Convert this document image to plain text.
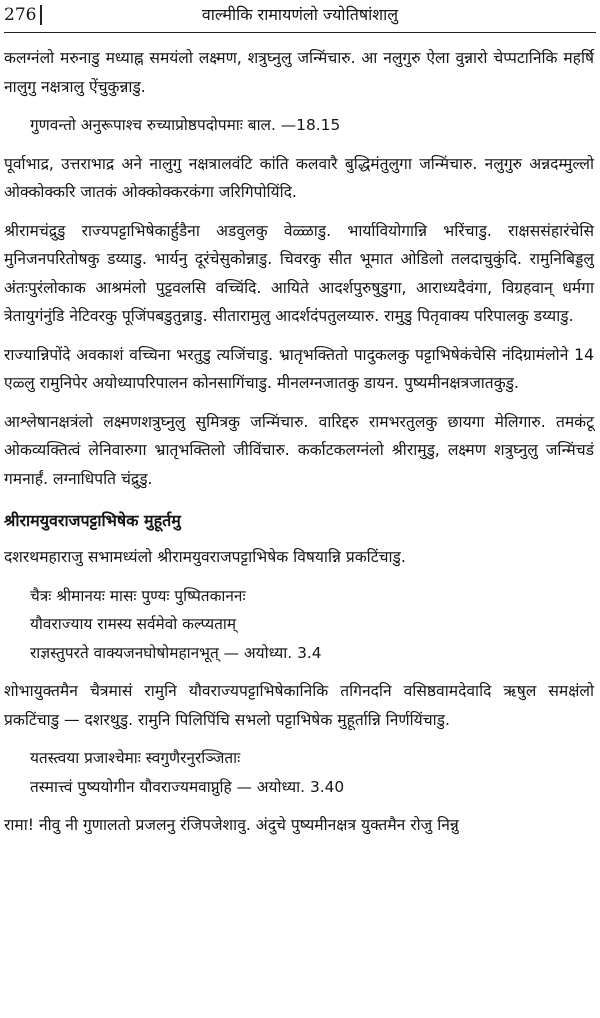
276	वाल्मीकि रामायणंलो ज्योतिषांशालु

कलग्नंलो मरुनाडु मध्याह्न समयंलो लक्ष्मण, शत्रुघ्नुलु जन्मिंचारु. आ नलुगुरु ऐला वुन्नारो चेप्पटानिकि महर्षि नालुगु नक्षत्रालु ऐंचुकुन्नाडु.

गुणवन्तो अनुरूपाश्च रुच्याप्रोष्ठपदोपमाः बाल. —18.15

पूर्वाभाद्र, उत्तराभाद्र अने नालुगु नक्षत्रालवंटि कांति कलवारै बुद्धिमंतुलुगा जन्मिंचारु. नलुगुरु अन्नदम्मुल्लो ओक्कोक्करि जातकं ओक्कोक्करकंगा जरिगिपोयिंदि.

श्रीरामचंद्रुडु राज्यपट्टाभिषेकार्हुडैना अडवुलकु वेळ्ळाडु. भार्यावियोगान्नि भरिंचाडु. राक्षससंहारंचेसि मुनिजनपरितोषकु डय्याडु. भार्यनु दूरंचेसुकोन्नाडु. चिवरकु सीत भूमात ओडिलो तलदाचुकुंदि. रामुनिबिड्डलु अंतःपुरंलोकाक आश्रमंलो पुट्टवलसि वच्चिंदि. आयिते आदर्शपुरुषुडुगा, आराध्यदैवंगा, विग्रहवान् धर्मगा त्रेतायुगंनुंडि नेटिवरकु पूजिंपबडुतुन्नाडु. सीतारामुलु आदर्शदंपतुलय्यारु. रामुडु पितृवाक्य परिपालकु डय्याडु.

राज्यान्निपोंदे अवकाशं वच्चिना भरतुडु त्यजिंचाडु. भ्रातृभक्तितो पादुकलकु पट्टाभिषेकंचेसि नंदिग्रामंलोने 14 एळ्लु रामुनिपेर अयोध्यापरिपालन कोनसागिंचाडु. मीनलग्नजातकु डायन. पुष्यमीनक्षत्रजातकुडु.

आश्लेषानक्षत्रंलो लक्ष्मणशत्रुघ्नुलु सुमित्रकु जन्मिंचारु. वारिद्दरु रामभरतुलकु छायगा मेलिगारु. तमकंटू ओकव्यक्तित्वं लेनिवारुगा भ्रातृभक्तिलो जीविंचारु. कर्काटकलग्नंलो श्रीरामुडु, लक्ष्मण शत्रुघ्नुलु जन्मिंचडं गमनार्हं. लग्नाधिपति चंद्रुडु.

श्रीरामयुवराजपट्टाभिषेक मुहूर्तमु

दशरथमहाराजु सभामध्यंलो श्रीरामयुवराजपट्टाभिषेक विषयान्नि प्रकटिंचाडु.

चैत्रः श्रीमानयः मासः पुण्यः पुष्पितकाननः
यौवराज्याय रामस्य सर्वमेवो कल्प्यताम्
राज्ञस्तुपरते वाक्यजनघोषोमहानभूत् — अयोध्या. 3.4

शोभायुक्तमैन चैत्रमासं रामुनि यौवराज्यपट्टाभिषेकानिकि तगिनदनि वसिष्ठवामदेवादि ऋषुल समक्षंलो प्रकटिंचाडु — दशरथुडु. रामुनि पिलिपिंचि सभलो पट्टाभिषेक मुहूर्तान्नि निर्णयिंचाडु.

यतस्त्वया प्रजाश्चेमाः स्वगुणैरनुरञ्जिताः
तस्मात्त्वं पुष्ययोगीन यौवराज्यमवाप्नुहि — अयोध्या. 3.40

रामा! नीवु नी गुणालतो प्रजलनु रंजिपजेशावु. अंदुचे पुष्यमीनक्षत्र युक्तमैन रोजु निन्नु
